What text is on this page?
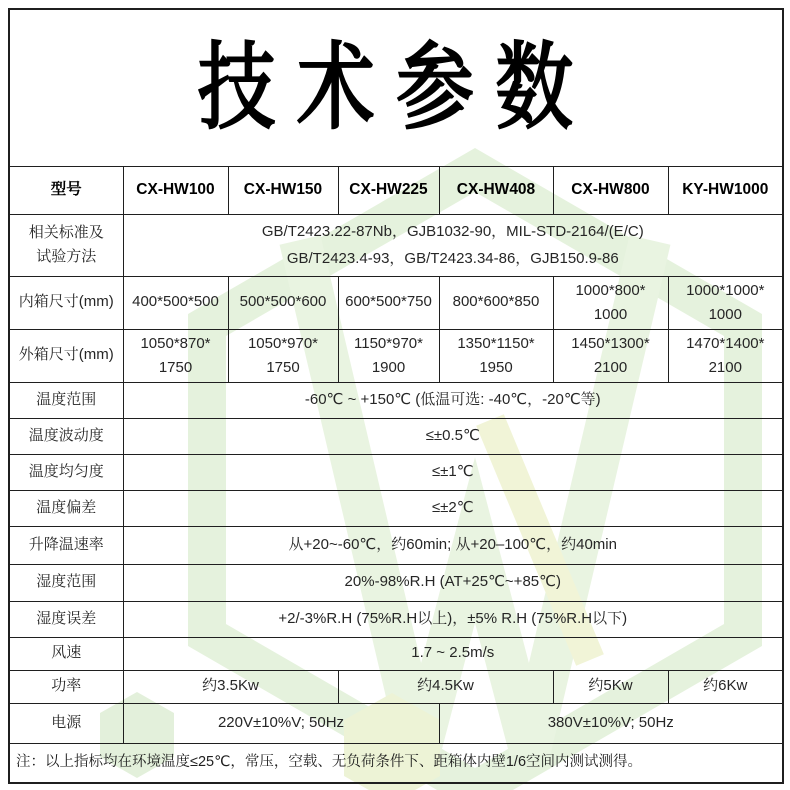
技术参数						

型号	CX-HW100	CX-HW150	CX-HW225	CX-HW408	CX-HW800	KY-HW1000

相关标准及
试验方法	GB/T2423.22-87Nb，GJB1032-90，MIL-STD-2164/(E/C)
GB/T2423.4-93，GB/T2423.34-86，GJB150.9-86					

内箱尺寸(mm)	400*500*500	500*500*600	600*500*750	800*600*850	1000*800*
1000	1000*1000*
1000

外箱尺寸(mm)	1050*870*
1750	1050*970*
1750	1150*970*
1900	1350*1150*
1950	1450*1300*
2100	1470*1400*
2100

温度范围	-60℃ ~ +150℃ (低温可选: -40℃，-20℃等)					
温度波动度	≤±0.5℃					
温度均匀度	≤±1℃					
温度偏差	≤±2℃					
升降温速率	从+20~-60℃，约60min; 从+20–100℃，约40min					
湿度范围	20%-98%R.H (AT+25℃~+85℃)					
湿度误差	+2/-3%R.H (75%R.H以上)，±5% R.H (75%R.H以下)					
风速	1.7 ~ 2.5m/s					
功率	约3.5Kw		约4.5Kw		约5Kw	约6Kw
电源	220V±10%V; 50Hz			380V±10%V; 50Hz		
注：以上指标均在环境温度≤25℃，常压，空载、无负荷条件下、距箱体内壁1/6空间内测试测得。						
